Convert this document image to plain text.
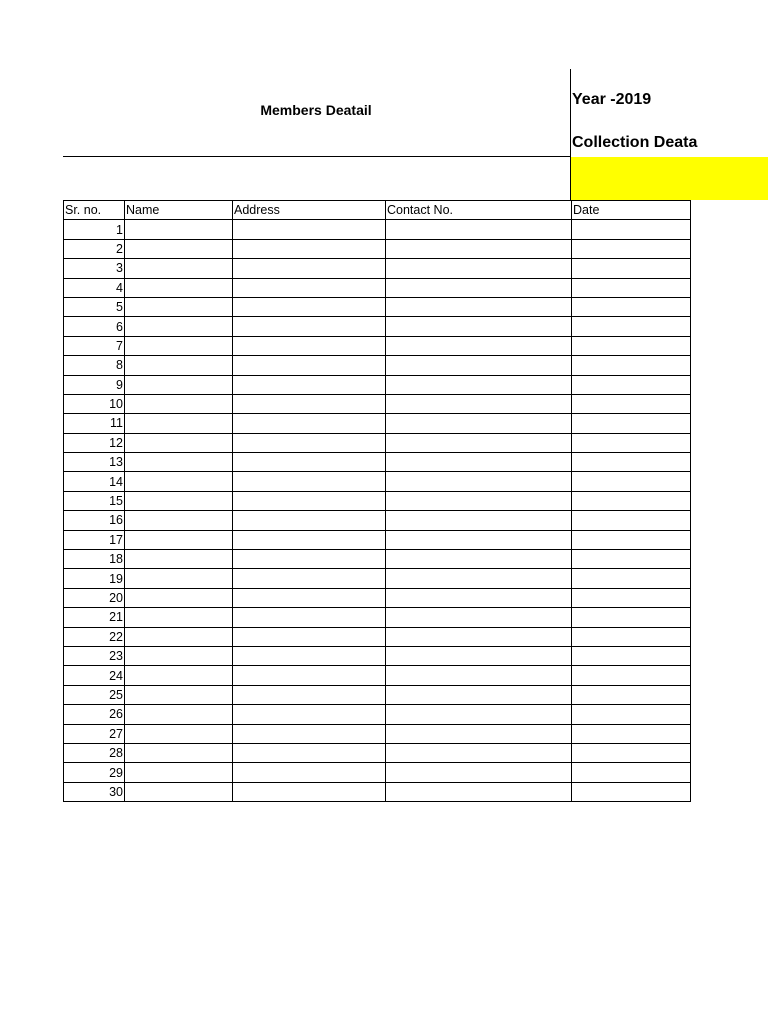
Members Deatail
Year -2019
Collection Deata
Sr. no.	Name	Address	Contact No.	Date
1				
2				
3				
4				
5				
6				
7				
8				
9				
10				
11				
12				
13				
14				
15				
16				
17				
18				
19				
20				
21				
22				
23				
24				
25				
26				
27				
28				
29				
30				
